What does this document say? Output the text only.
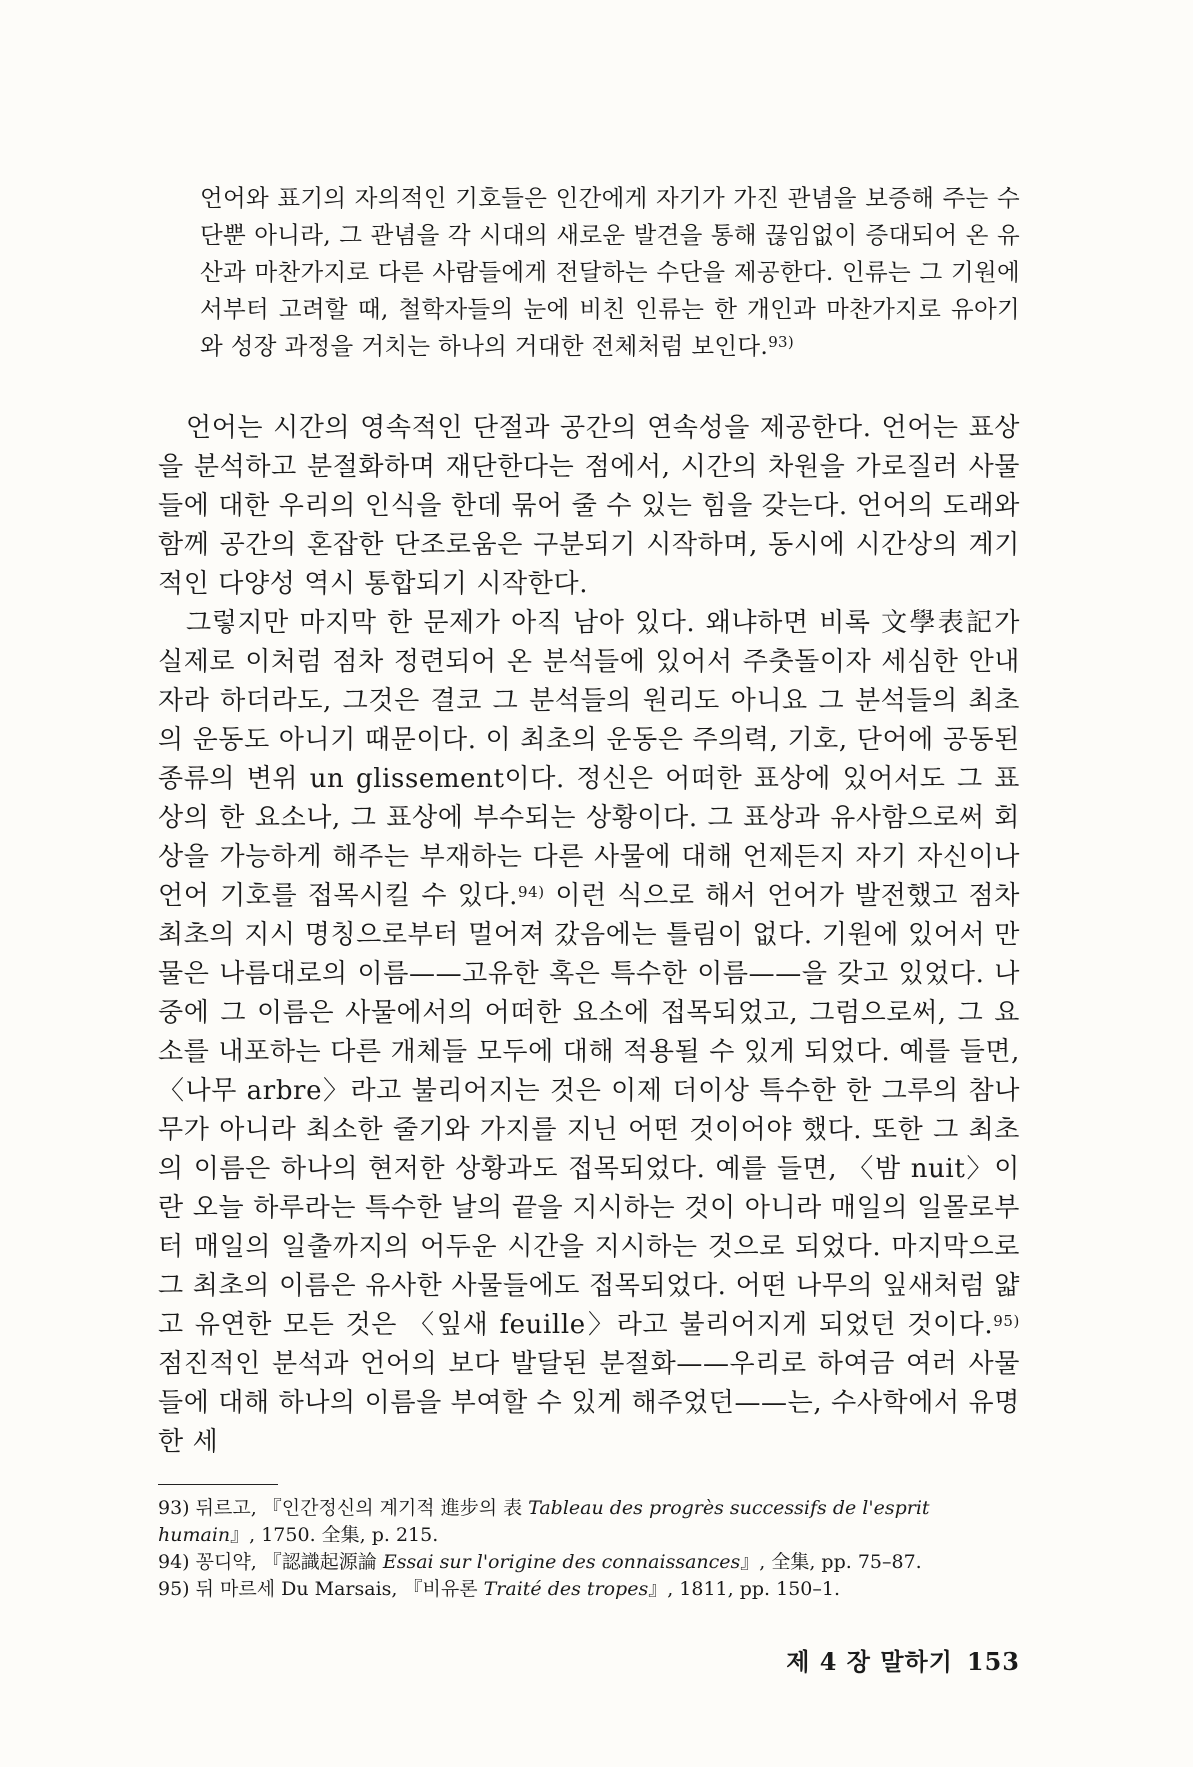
언어와 표기의 자의적인 기호들은 인간에게 자기가 가진 관념을 보증해 주는 수단뿐 아니라, 그 관념을 각 시대의 새로운 발견을 통해 끊임없이 증대되어 온 유산과 마찬가지로 다른 사람들에게 전달하는 수단을 제공한다. 인류는 그 기원에서부터 고려할 때, 철학자들의 눈에 비친 인류는 한 개인과 마찬가지로 유아기와 성장 과정을 거치는 하나의 거대한 전체처럼 보인다.$^{93)}$

언어는 시간의 영속적인 단절과 공간의 연속성을 제공한다. 언어는 표상을 분석하고 분절화하며 재단한다는 점에서, 시간의 차원을 가로질러 사물들에 대한 우리의 인식을 한데 묶어 줄 수 있는 힘을 갖는다. 언어의 도래와 함께 공간의 혼잡한 단조로움은 구분되기 시작하며, 동시에 시간상의 계기적인 다양성 역시 통합되기 시작한다.

그렇지만 마지막 한 문제가 아직 남아 있다. 왜냐하면 비록 文學表記가 실제로 이처럼 점차 정련되어 온 분석들에 있어서 주춧돌이자 세심한 안내자라 하더라도, 그것은 결코 그 분석들의 원리도 아니요 그 분석들의 최초의 운동도 아니기 때문이다. 이 최초의 운동은 주의력, 기호, 단어에 공동된 종류의 변위 un glissement이다. 정신은 어떠한 표상에 있어서도 그 표상의 한 요소나, 그 표상에 부수되는 상황이다. 그 표상과 유사함으로써 회상을 가능하게 해주는 부재하는 다른 사물에 대해 언제든지 자기 자신이나 언어 기호를 접목시킬 수 있다.$^{94)}$ 이런 식으로 해서 언어가 발전했고 점차 최초의 지시 명칭으로부터 멀어져 갔음에는 틀림이 없다. 기원에 있어서 만물은 나름대로의 이름——고유한 혹은 특수한 이름——을 갖고 있었다. 나중에 그 이름은 사물에서의 어떠한 요소에 접목되었고, 그럼으로써, 그 요소를 내포하는 다른 개체들 모두에 대해 적용될 수 있게 되었다. 예를 들면, 〈나무 arbre〉라고 불리어지는 것은 이제 더이상 특수한 한 그루의 참나무가 아니라 최소한 줄기와 가지를 지닌 어떤 것이어야 했다. 또한 그 최초의 이름은 하나의 현저한 상황과도 접목되었다. 예를 들면, 〈밤 nuit〉이란 오늘 하루라는 특수한 날의 끝을 지시하는 것이 아니라 매일의 일몰로부터 매일의 일출까지의 어두운 시간을 지시하는 것으로 되었다. 마지막으로 그 최초의 이름은 유사한 사물들에도 접목되었다. 어떤 나무의 잎새처럼 얇고 유연한 모든 것은 〈잎새 feuille〉라고 불리어지게 되었던 것이다.$^{95)}$ 점진적인 분석과 언어의 보다 발달된 분절화——우리로 하여금 여러 사물들에 대해 하나의 이름을 부여할 수 있게 해주었던——는, 수사학에서 유명한 세

93) 뒤르고, 『인간정신의 계기적 進步의 表 Tableau des progrès successifs de l'esprit humain』, 1750. 全集, p. 215.
94) 꽁디약, 『認識起源論 Essai sur l'origine des connaissances』, 全集, pp. 75–87.
95) 뒤 마르세 Du Marsais, 『비유론 Traité des tropes』, 1811, pp. 150–1.
제 4 장 말하기 153
